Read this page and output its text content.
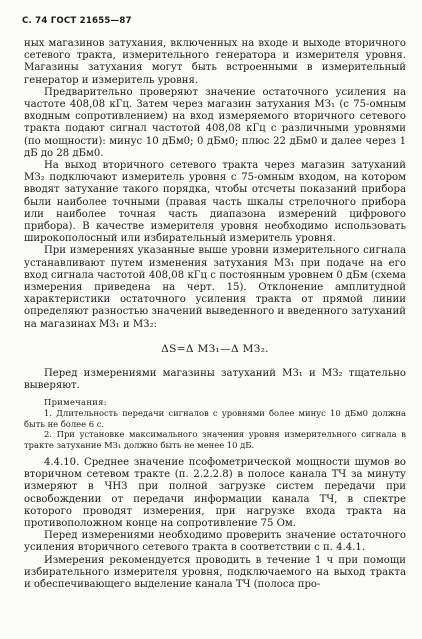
С. 74 ГОСТ 21655—87

ных магазинов затухания, включенных на входе и выходе вторичного сетевого тракта, измерительного генератора и измерителя уровня. Магазины затухания могут быть встроенными в измерительный генератор и измеритель уровня.

Предварительно проверяют значение остаточного усиления на частоте 408,08 кГц. Затем через магазин затухания МЗ₁ (с 75-омным входным сопротивлением) на вход измеряемого вторичного сетевого тракта подают сигнал частотой 408,08 кГц с различными уровнями (по мощности): минус 10 дБм0; 0 дБм0; плюс 22 дБм0 и далее через 1 дБ до 28 дБм0.

На выход вторичного сетевого тракта через магазин затуханий МЗ₂ подключают измеритель уровня с 75-омным входом, на котором вводят затухание такого порядка, чтобы отсчеты показаний прибора были наиболее точными (правая часть шкалы стрелочного прибора или наиболее точная часть диапазона измерений цифрового прибора). В качестве измерителя уровня необходимо использовать широкополосный или избирательный измеритель уровня.

При измерениях указанные выше уровни измерительного сигнала устанавливают путем изменения затухания МЗ₁ при подаче на его вход сигнала частотой 408,08 кГц с постоянным уровнем 0 дБм (схема измерения приведена на черт. 15). Отклонение амплитудной характеристики остаточного усиления тракта от прямой линии определяют разностью значений выведенного и введенного затуханий на магазинах МЗ₁ и МЗ₂:

ΔS=Δ МЗ₁—Δ МЗ₂.

Перед измерениями магазины затуханий МЗ₁ и МЗ₂ тщательно выверяют.

Примечания:
1. Длительность передачи сигналов с уровнями более минус 10 дБм0 должна быть не более 6 с.
2. При установке максимального значения уровня измерительного сигнала в тракте затухание МЗ₁ должно быть не менее 10 дБ.

4.4.10. Среднее значение псофометрической мощности шумов во вторичном сетевом тракте (п. 2.2.2.8) в полосе канала ТЧ за минуту измеряют в ЧНЗ при полной загрузке систем передачи при освобождении от передачи информации канала ТЧ, в спектре которого проводят измерения, при нагрузке входа тракта на противоположном конце на сопротивление 75 Ом.

Перед измерениями необходимо проверить значение остаточного усиления вторичного сетевого тракта в соответствии с п. 4.4.1.

Измерения рекомендуется проводить в течение 1 ч при помощи избирательного измерителя уровня, подключаемого на выход тракта и обеспечивающего выделение канала ТЧ (полоса про-
